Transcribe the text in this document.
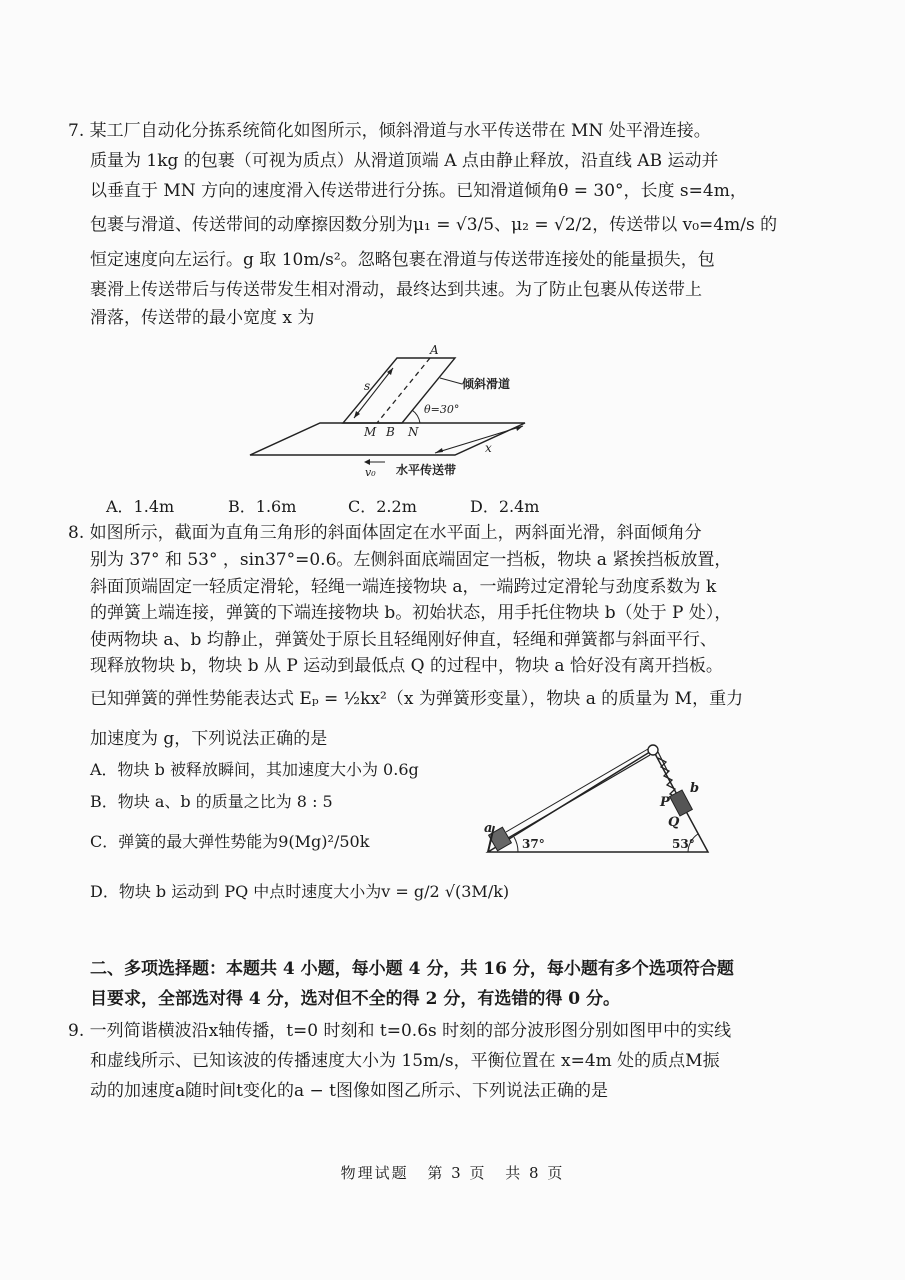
7. 某工厂自动化分拣系统简化如图所示，倾斜滑道与水平传送带在 MN 处平滑连接。
质量为 1kg 的包裹（可视为质点）从滑道顶端 A 点由静止释放，沿直线 AB 运动并
以垂直于 MN 方向的速度滑入传送带进行分拣。已知滑道倾角θ = 30°，长度 s=4m，
包裹与滑道、传送带间的动摩擦因数分别为μ₁ = √3/5、μ₂ = √2/2，传送带以 v₀=4m/s 的
恒定速度向左运行。g 取 10m/s²。忽略包裹在滑道与传送带连接处的能量损失，包
裹滑上传送带后与传送带发生相对滑动，最终达到共速。为了防止包裹从传送带上
滑落，传送带的最小宽度 x 为
A
s	倾斜滑道
θ=30°
M B N
x
v₀ 水平传送带
A．1.4m	B．1.6m	C．2.2m	D．2.4m
8. 如图所示，截面为直角三角形的斜面体固定在水平面上，两斜面光滑，斜面倾角分
别为 37° 和 53° ，sin37°=0.6。左侧斜面底端固定一挡板，物块 a 紧挨挡板放置，
斜面顶端固定一轻质定滑轮，轻绳一端连接物块 a，一端跨过定滑轮与劲度系数为 k
的弹簧上端连接，弹簧的下端连接物块 b。初始状态，用手托住物块 b（处于 P 处），
使两物块 a、b 均静止，弹簧处于原长且轻绳刚好伸直，轻绳和弹簧都与斜面平行、
现释放物块 b，物块 b 从 P 运动到最低点 Q 的过程中，物块 a 恰好没有离开挡板。
已知弹簧的弹性势能表达式 Eₚ = ½kx²（x 为弹簧形变量），物块 a 的质量为 M，重力
加速度为 g，下列说法正确的是
A．物块 b 被释放瞬间，其加速度大小为 0.6g
B．物块 a、b 的质量之比为 8 : 5
C．弹簧的最大弹性势能为9(Mg)²/50k
D．物块 b 运动到 PQ 中点时速度大小为v = g/2 √(3M/k)
a
b
P
Q
37°	53°
二、多项选择题：本题共 4 小题，每小题 4 分，共 16 分，每小题有多个选项符合题
目要求，全部选对得 4 分，选对但不全的得 2 分，有选错的得 0 分。
9. 一列简谐横波沿x轴传播，t=0 时刻和 t=0.6s 时刻的部分波形图分别如图甲中的实线
和虚线所示、已知该波的传播速度大小为 15m/s，平衡位置在 x=4m 处的质点M振
动的加速度a随时间t变化的a − t图像如图乙所示、下列说法正确的是
物理试题 第 3 页 共 8 页
